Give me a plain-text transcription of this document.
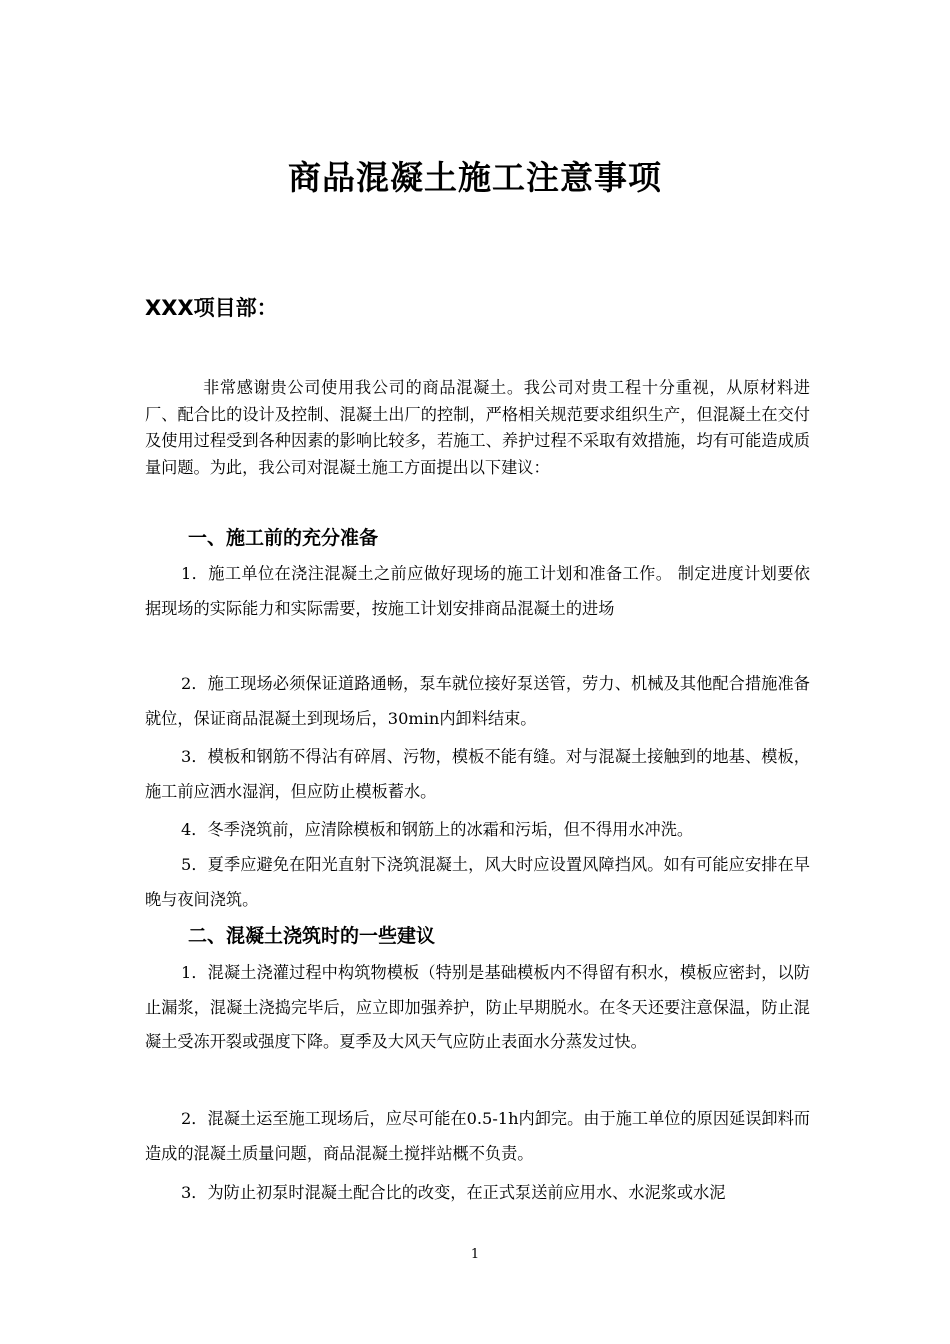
商品混凝土施工注意事项
XXX项目部：

非常感谢贵公司使用我公司的商品混凝土。我公司对贵工程十分重视，从原材料进厂、配合比的设计及控制、混凝土出厂的控制，严格相关规范要求组织生产，但混凝土在交付及使用过程受到各种因素的影响比较多，若施工、养护过程不采取有效措施，均有可能造成质量问题。为此，我公司对混凝土施工方面提出以下建议：

一、施工前的充分准备

1．施工单位在浇注混凝土之前应做好现场的施工计划和准备工作。 制定进度计划要依据现场的实际能力和实际需要，按施工计划安排商品混凝土的进场

2．施工现场必须保证道路通畅，泵车就位接好泵送管，劳力、机械及其他配合措施准备就位，保证商品混凝土到现场后，30min内卸料结束。

3．模板和钢筋不得沾有碎屑、污物，模板不能有缝。对与混凝土接触到的地基、模板，施工前应洒水湿润，但应防止模板蓄水。

4．冬季浇筑前，应清除模板和钢筋上的冰霜和污垢，但不得用水冲洗。

5．夏季应避免在阳光直射下浇筑混凝土，风大时应设置风障挡风。如有可能应安排在早晚与夜间浇筑。

二、混凝土浇筑时的一些建议

1．混凝土浇灌过程中构筑物模板（特别是基础模板内不得留有积水，模板应密封，以防止漏浆，混凝土浇捣完毕后，应立即加强养护，防止早期脱水。在冬天还要注意保温，防止混凝土受冻开裂或强度下降。夏季及大风天气应防止表面水分蒸发过快。

2．混凝土运至施工现场后，应尽可能在0.5-1h内卸完。由于施工单位的原因延误卸料而造成的混凝土质量问题，商品混凝土搅拌站概不负责。

3．为防止初泵时混凝土配合比的改变，在正式泵送前应用水、水泥浆或水泥

1
